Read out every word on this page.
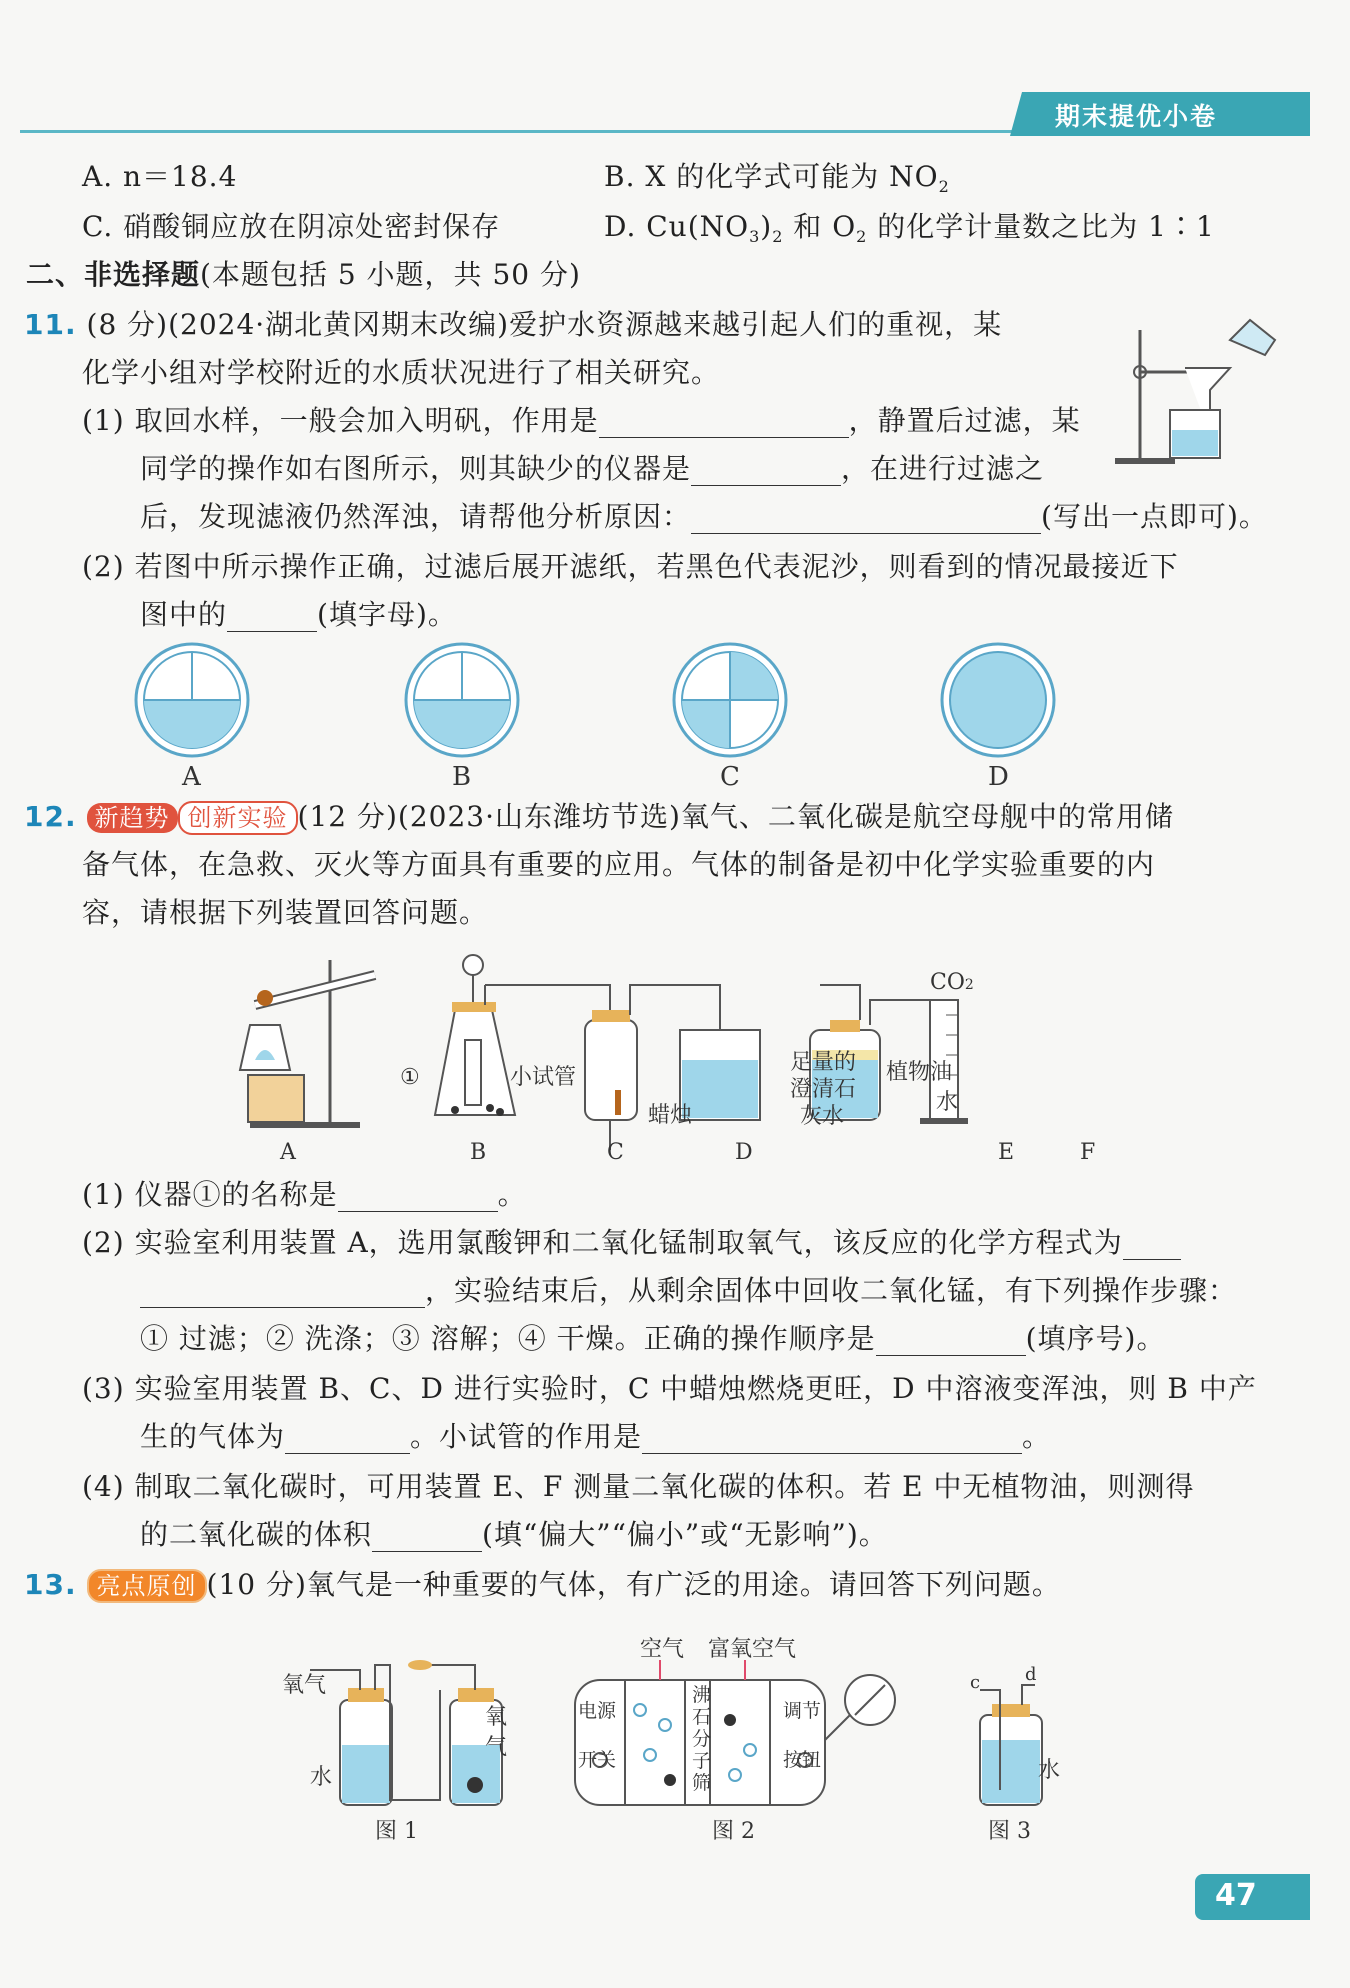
期末提优小卷
A. n＝18.4	B. X 的化学式可能为 $NO_2$
C. 硝酸铜应放在阴凉处密封保存	D. $Cu(NO_3)_2$ 和 $O_2$ 的化学计量数之比为 1∶1
二、非选择题(本题包括 5 小题，共 50 分)
11. (8 分)(2024·湖北黄冈期末改编)爱护水资源越来越引起人们的重视，某
化学小组对学校附近的水质状况进行了相关研究。
(1) 取回水样，一般会加入明矾，作用是	，静置后过滤，某
同学的操作如右图所示，则其缺少的仪器是	，在进行过滤之
后，发现滤液仍然浑浊，请帮他分析原因：	(写出一点即可)。
(2) 若图中所示操作正确，过滤后展开滤纸，若黑色代表泥沙，则看到的情况最接近下
图中的	(填字母)。
A	B	C	D
12. 新趋势 创新实验 (12 分)(2023·山东潍坊节选)氧气、二氧化碳是航空母舰中的常用储
备气体，在急救、灭火等方面具有重要的应用。气体的制备是初中化学实验重要的内
容，请根据下列装置回答问题。
①	小试管
蜡烛
足量的
澄清石
灰水
CO2
植物油
水
A	B	C	D	E	F
(1) 仪器①的名称是	。
(2) 实验室利用装置 A，选用氯酸钾和二氧化锰制取氧气，该反应的化学方程式为
，实验结束后，从剩余固体中回收二氧化锰，有下列操作步骤：
① 过滤；② 洗涤；③ 溶解；④ 干燥。正确的操作顺序是	(填序号)。
(3) 实验室用装置 B、C、D 进行实验时，C 中蜡烛燃烧更旺，D 中溶液变浑浊，则 B 中产
生的气体为	。小试管的作用是	。
(4) 制取二氧化碳时，可用装置 E、F 测量二氧化碳的体积。若 E 中无植物油，则测得
的二氧化碳的体积	(填“偏大”“偏小”或“无影响”)。
13. 亮点原创 (10 分)氧气是一种重要的气体，有广泛的用途。请回答下列问题。
氧气
水
氧
气
图 1
空气 富氧空气
电源
开关
沸
石
分
子
筛
调节
按钮
图 2
c d
水
图 3
47
